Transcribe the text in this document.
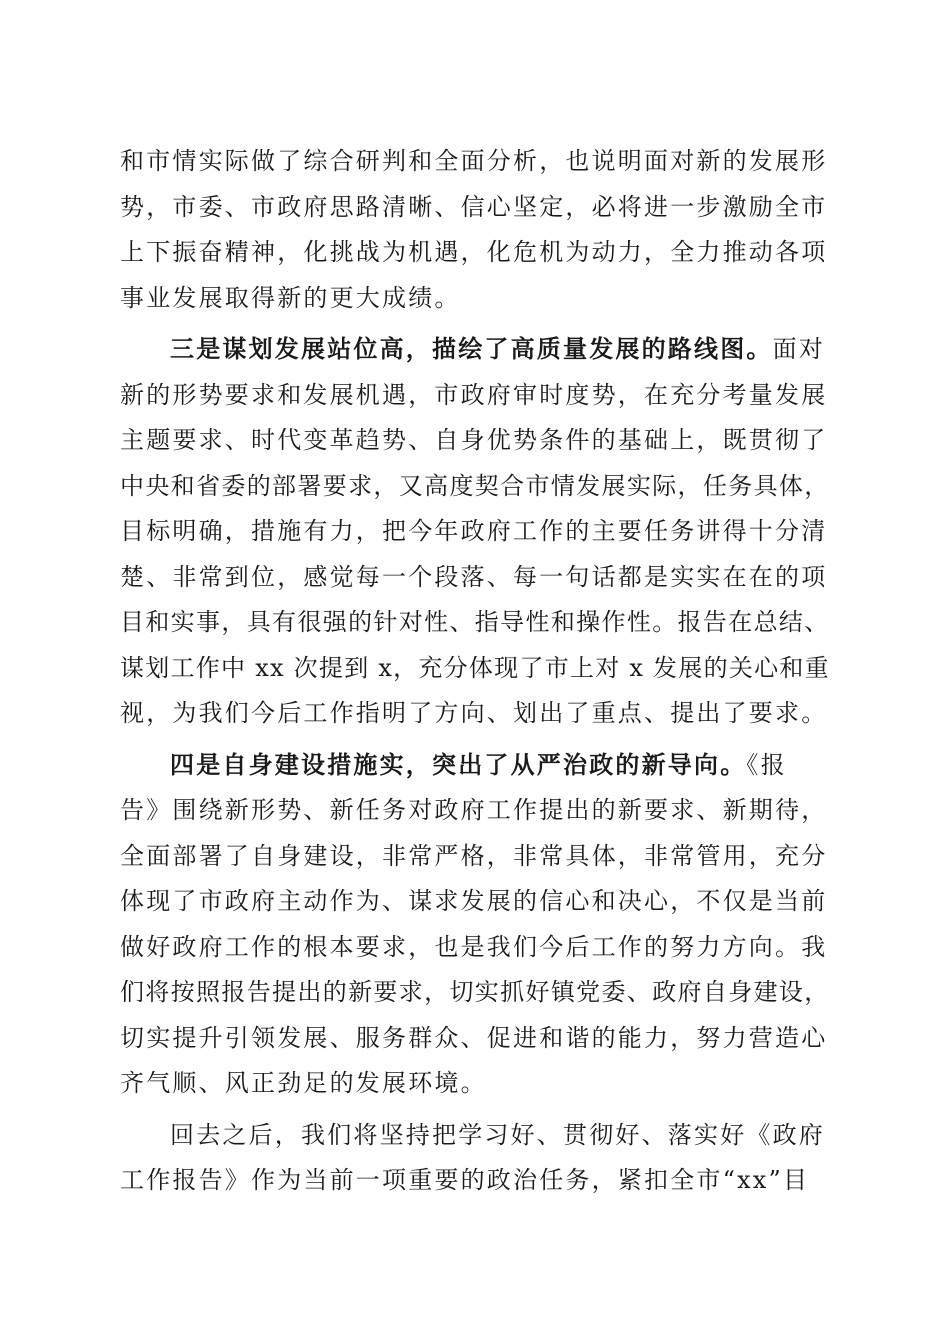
和市情实际做了综合研判和全面分析，也说明面对新的发展形
势，市委、市政府思路清晰、信心坚定，必将进一步激励全市
上下振奋精神，化挑战为机遇，化危机为动力，全力推动各项
事业发展取得新的更大成绩。
三是谋划发展站位高，描绘了高质量发展的路线图。面对
新的形势要求和发展机遇，市政府审时度势，在充分考量发展
主题要求、时代变革趋势、自身优势条件的基础上，既贯彻了
中央和省委的部署要求，又高度契合市情发展实际，任务具体，
目标明确，措施有力，把今年政府工作的主要任务讲得十分清
楚、非常到位，感觉每一个段落、每一句话都是实实在在的项
目和实事，具有很强的针对性、指导性和操作性。报告在总结、
谋划工作中 xx 次提到 x，充分体现了市上对 x 发展的关心和重
视，为我们今后工作指明了方向、划出了重点、提出了要求。
四是自身建设措施实，突出了从严治政的新导向。《报
告》围绕新形势、新任务对政府工作提出的新要求、新期待，
全面部署了自身建设，非常严格，非常具体，非常管用，充分
体现了市政府主动作为、谋求发展的信心和决心，不仅是当前
做好政府工作的根本要求，也是我们今后工作的努力方向。我
们将按照报告提出的新要求，切实抓好镇党委、政府自身建设，
切实提升引领发展、服务群众、促进和谐的能力，努力营造心
齐气顺、风正劲足的发展环境。
回去之后，我们将坚持把学习好、贯彻好、落实好《政府
工作报告》作为当前一项重要的政治任务，紧扣全市“xx”目
